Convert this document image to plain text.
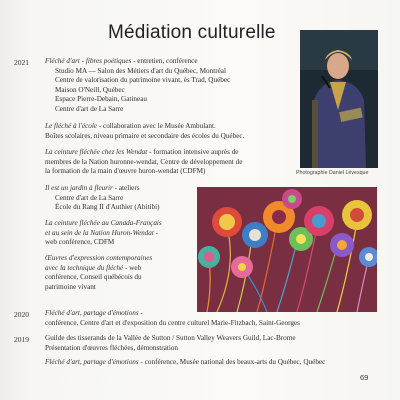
Médiation culturelle
Photographie Daniel Lévesque
2021 Fléché d'art - fibres poétiques - entretien, conférence
Studio MA — Salon des Métiers d'art du Québec, Montréal
Centre de valorisation du patrimoine vivant, ès Trad, Québec
Maison O'Neill, Québec
Espace Pierre-Debain, Gatineau
Centre d'art de La Sarre
Le fléché à l'école - collaboration avec le Musée Ambulant.
Boîtes scolaires, niveau primaire et secondaire des écoles du Québec.
La ceinture fléchée chez les Wendat - formation intensive auprès de
membres de la Nation huronne-wendat, Centre de développement de
la formation de la main d'œuvre huron-wendat (CDFM)
Il est un jardin à fleurir - ateliers
Centre d'art de La Sarre
École du Rang II d'Authier (Abitibi)
La ceinture fléchée au Canada-Français
et au sein de la Nation Huron-Wendat -
web conférence, CDFM
Œuvres d'expression contemporaines
avec la technique du fléché - web
conférence, Conseil québécois du
patrimoine vivant
2020 Fléché d'art, partage d'émotions -
conférence, Centre d'art et d'exposition du centre culturel Marie-Fitzbach, Saint-Georges
2019 Guilde des tisserands de la Vallée de Sutton / Sutton Valley Weavers Guild, Lac-Brome
Présentation d'œuvres fléchées, démonstration
Fléché d'art, partage d'émotions - conférence, Musée national des beaux-arts du Québec, Québec
69
